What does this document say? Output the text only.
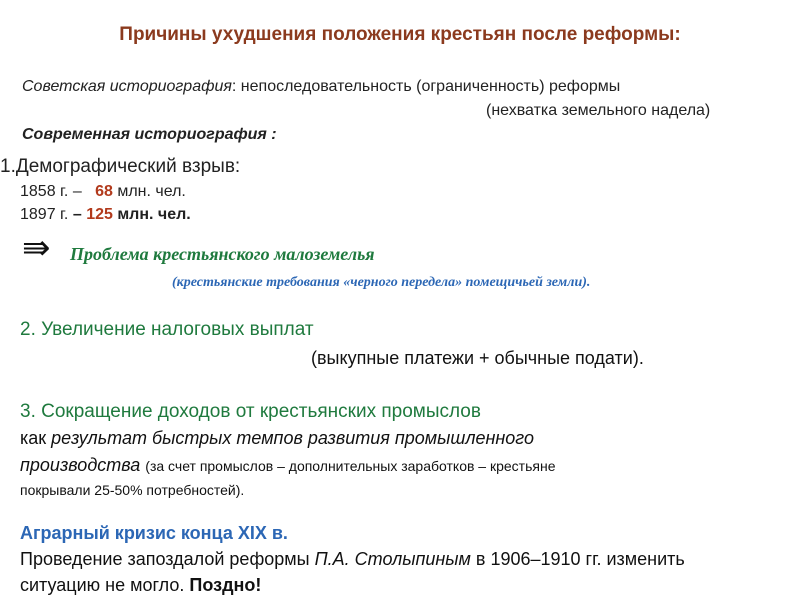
Причины ухудшения положения крестьян после реформы:
Советская историография: непоследовательность (ограниченность) реформы
(нехватка земельного надела)
Современная историография :
1.Демографический взрыв:
1858 г. – 68 млн. чел.
1897 г. – 125 млн. чел.
⇛ Проблема крестьянского малоземелья
(крестьянские требования «черного передела» помещичьей земли).
2. Увеличение налоговых выплат
(выкупные платежи + обычные подати).
3. Сокращение доходов от крестьянских промыслов
как результат быстрых темпов развития промышленного
производства (за счет промыслов – дополнительных заработков – крестьяне
покрывали 25-50% потребностей).
Аграрный кризис конца XIX в.
Проведение запоздалой реформы П.А. Столыпиным в 1906–1910 гг. изменить
ситуацию не могло. Поздно!
